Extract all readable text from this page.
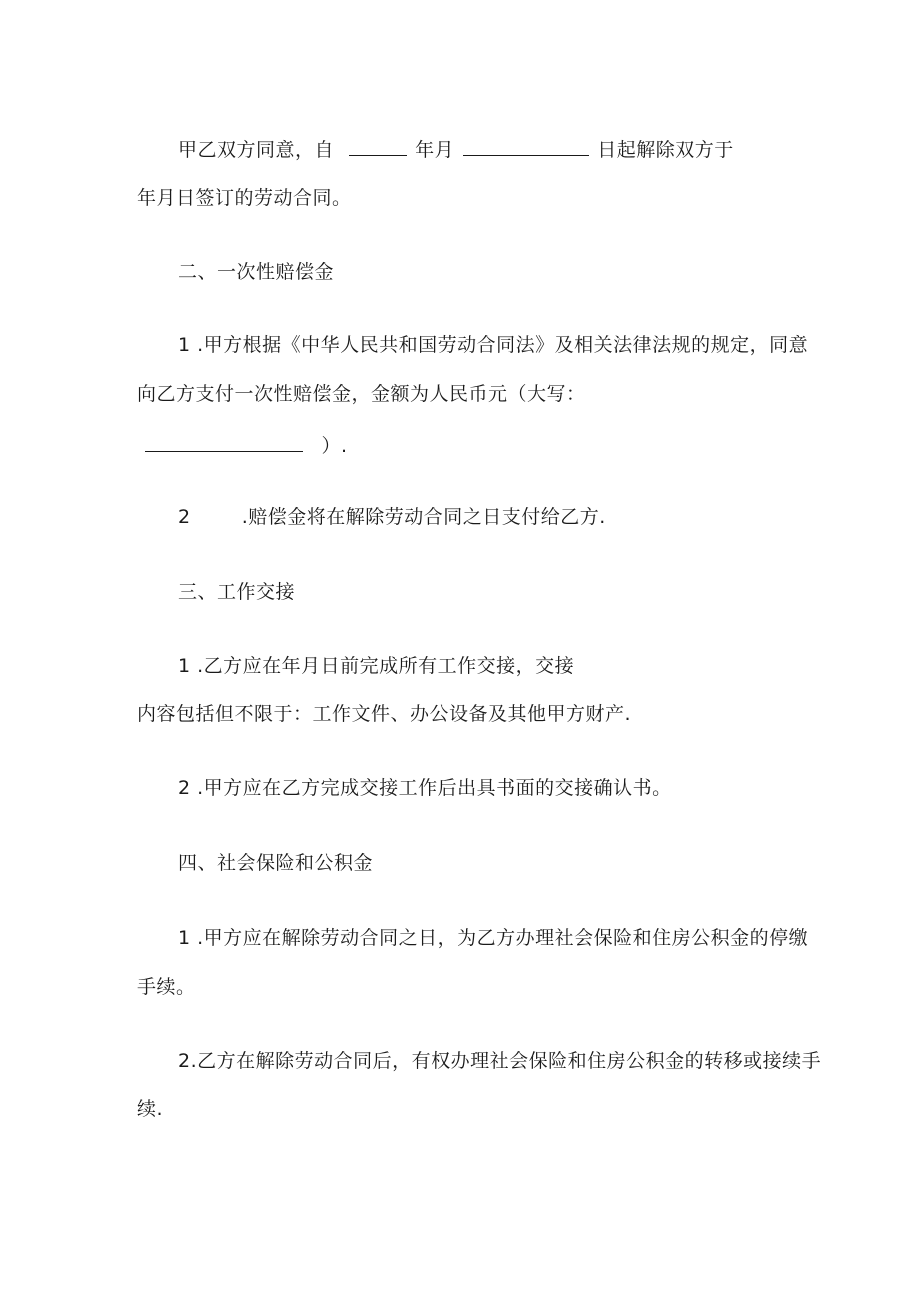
甲乙双方同意，自	年月	日起解除双方于
年月日签订的劳动合同。
二、一次性赔偿金
1 .甲方根据《中华人民共和国劳动合同法》及相关法律法规的规定，同意
向乙方支付一次性赔偿金，金额为人民币元（大写：
）.
2	.赔偿金将在解除劳动合同之日支付给乙方.
三、工作交接
1 .乙方应在年月日前完成所有工作交接，交接
内容包括但不限于：工作文件、办公设备及其他甲方财产.
2 .甲方应在乙方完成交接工作后出具书面的交接确认书。
四、社会保险和公积金
1 .甲方应在解除劳动合同之日，为乙方办理社会保险和住房公积金的停缴
手续。
2.乙方在解除劳动合同后，有权办理社会保险和住房公积金的转移或接续手
续.
